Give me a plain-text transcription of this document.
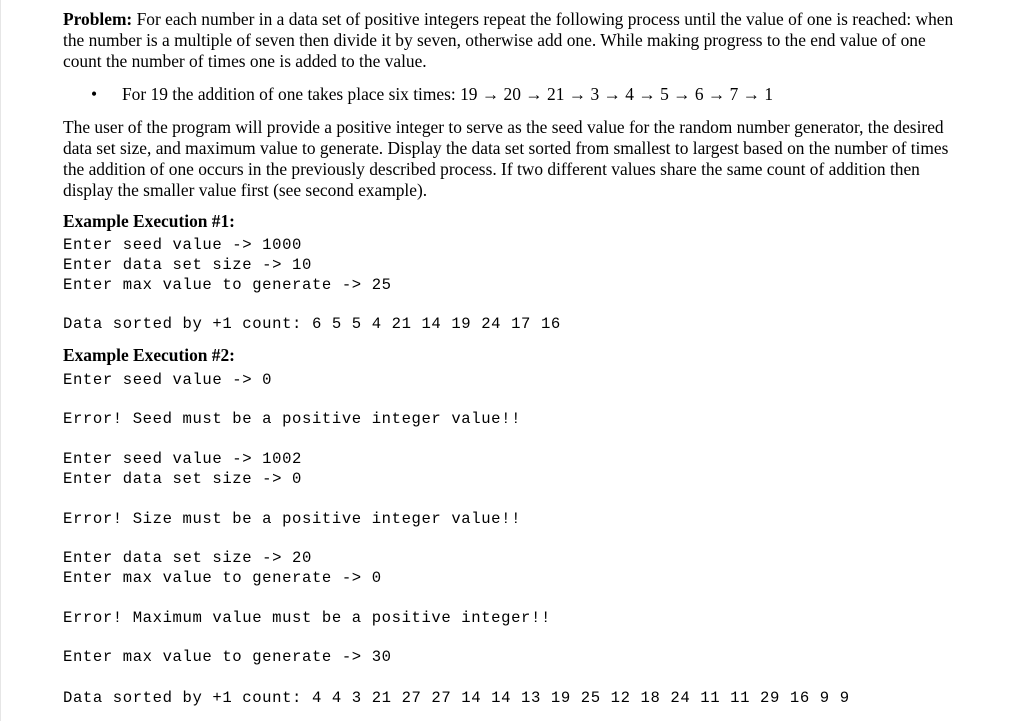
Problem: For each number in a data set of positive integers repeat the following process until the value of one is reached: when the number is a multiple of seven then divide it by seven, otherwise add one. While making progress to the end value of one count the number of times one is added to the value.
• For 19 the addition of one takes place six times: 19 → 20 → 21 → 3 → 4 → 5 → 6 → 7 → 1
The user of the program will provide a positive integer to serve as the seed value for the random number generator, the desired data set size, and maximum value to generate. Display the data set sorted from smallest to largest based on the number of times the addition of one occurs in the previously described process. If two different values share the same count of addition then display the smaller value first (see second example).
Example Execution #1:
Enter seed value -> 1000
Enter data set size -> 10
Enter max value to generate -> 25
Data sorted by +1 count: 6 5 5 4 21 14 19 24 17 16
Example Execution #2:
Enter seed value -> 0
Error! Seed must be a positive integer value!!
Enter seed value -> 1002
Enter data set size -> 0
Error! Size must be a positive integer value!!
Enter data set size -> 20
Enter max value to generate -> 0
Error! Maximum value must be a positive integer!!
Enter max value to generate -> 30
Data sorted by +1 count: 4 4 3 21 27 27 14 14 13 19 25 12 18 24 11 11 29 16 9 9
